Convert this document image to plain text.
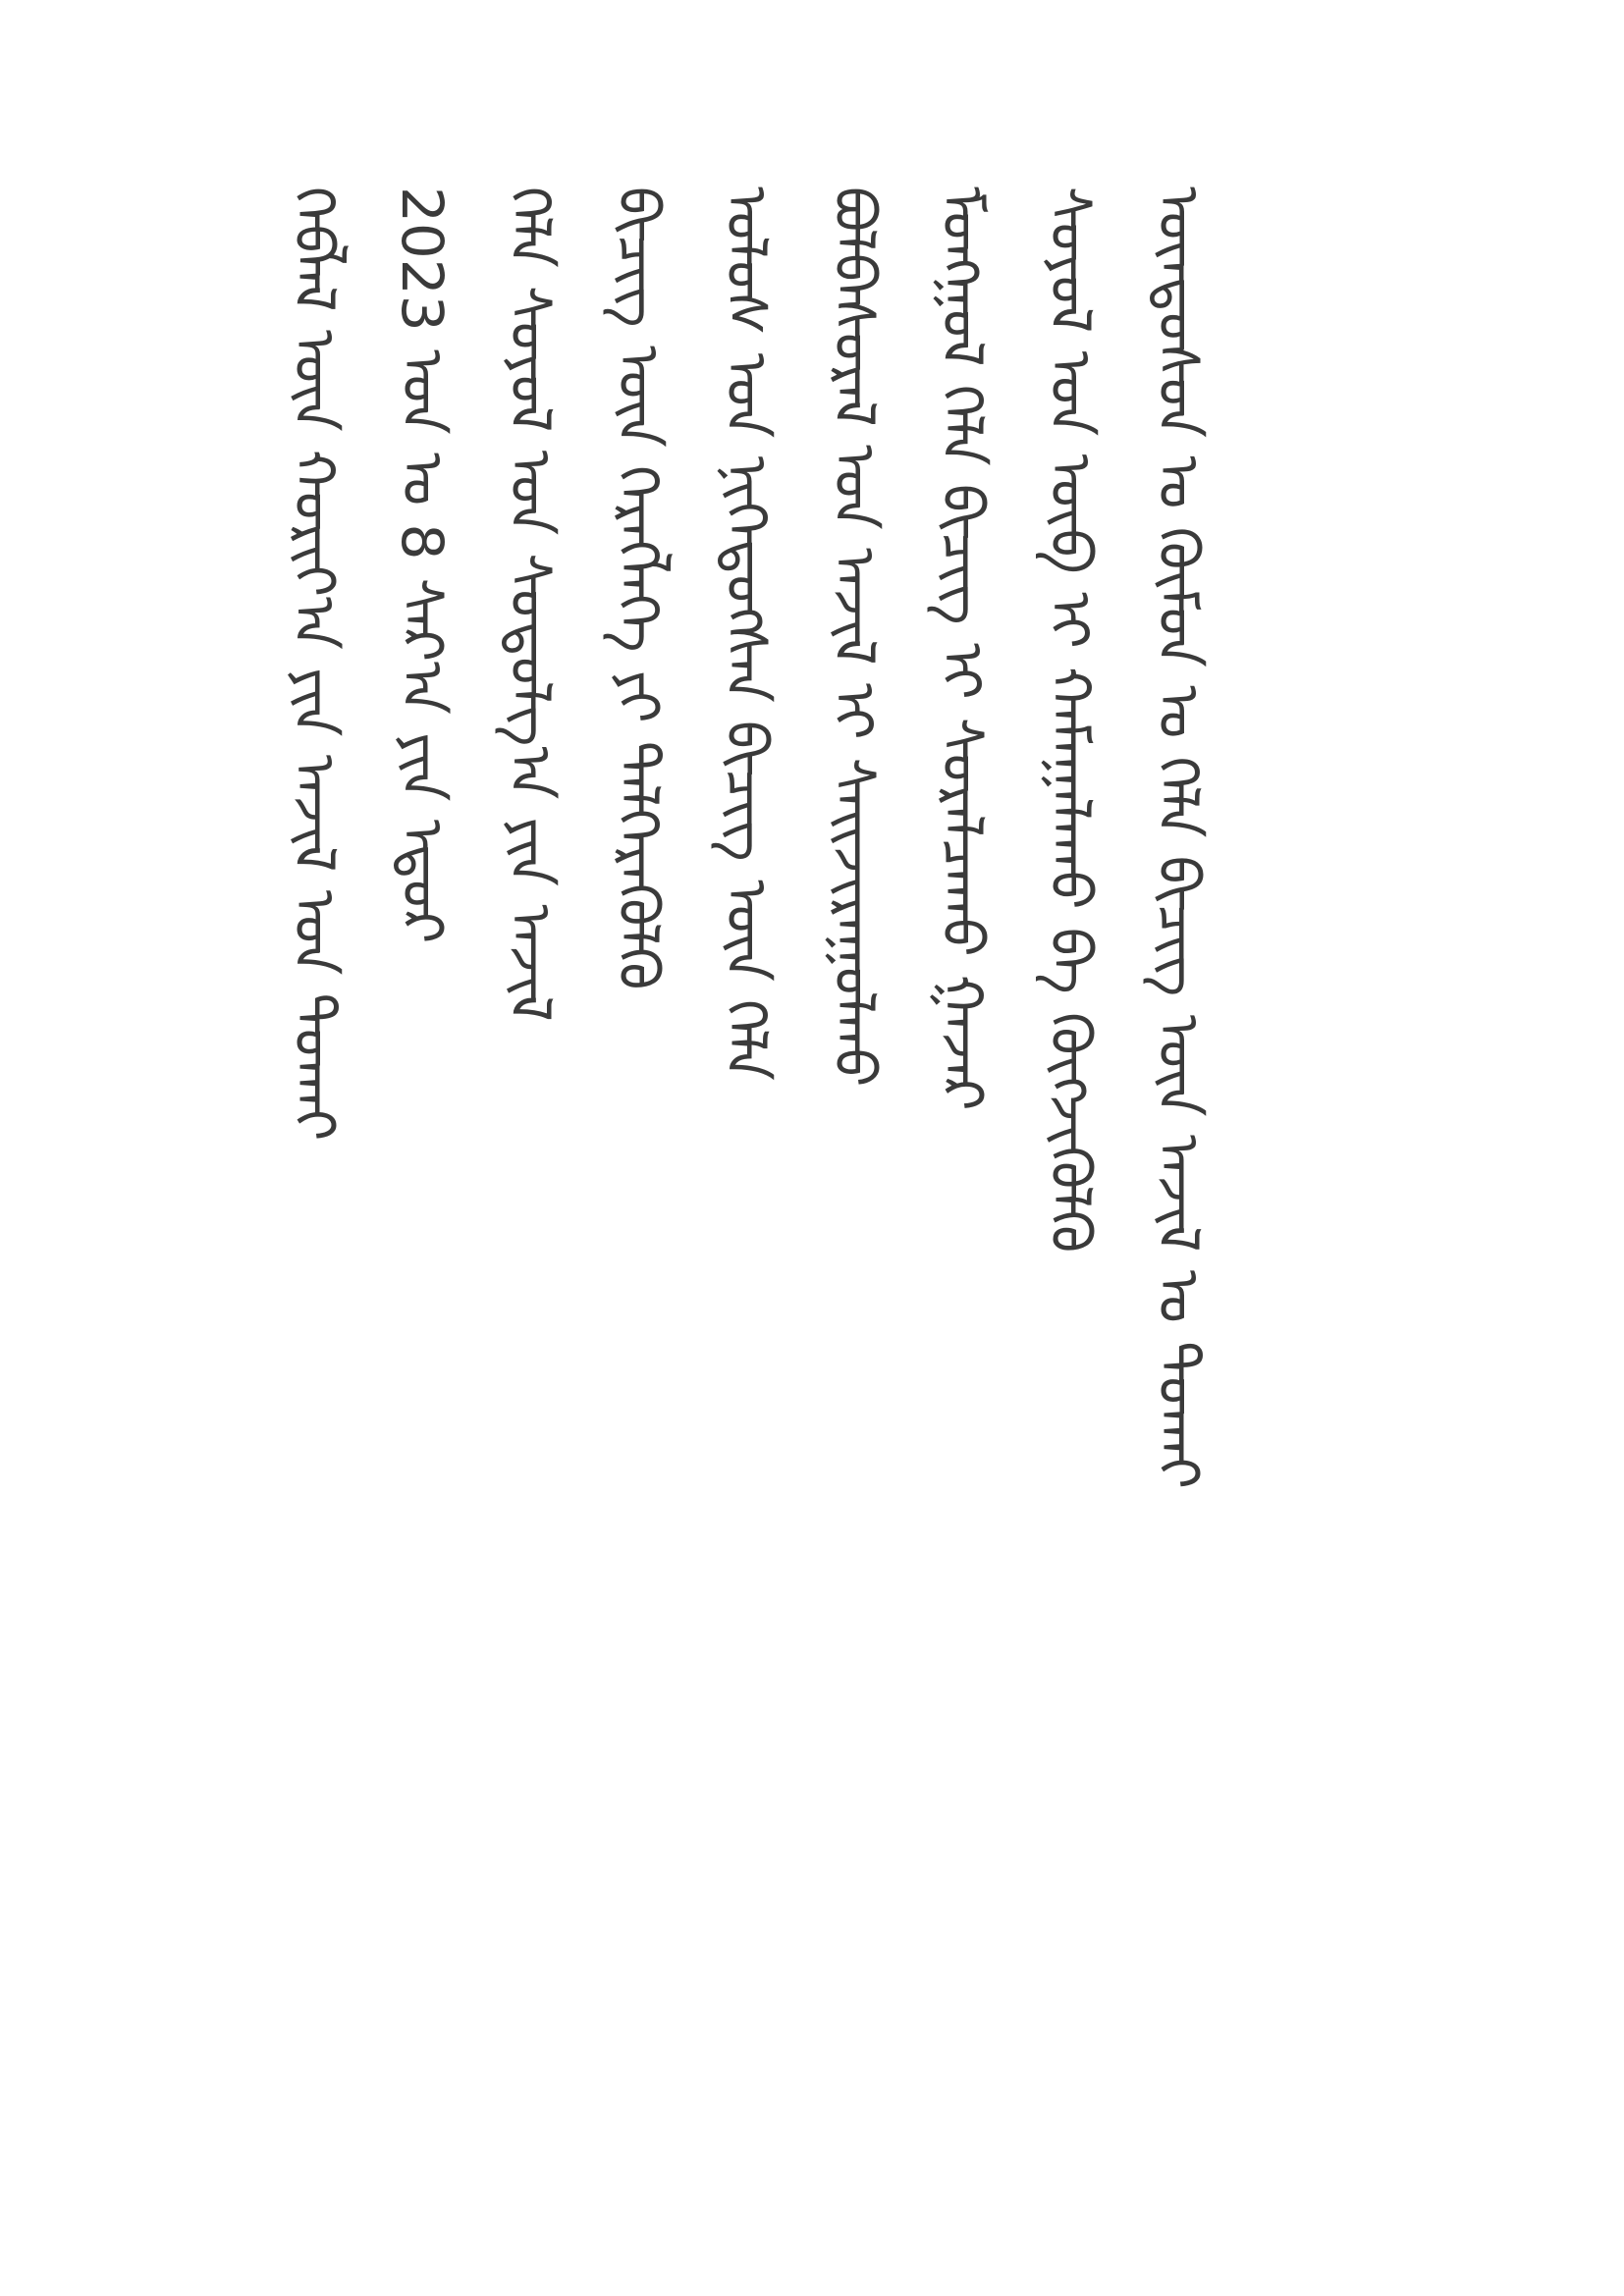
ᠦᠨᠳᠦᠰᠦᠨ ᠤ ᠬᠦᠮᠦᠨ ᠤ ᠬᠡᠯᠡ ᠪᠢᠴᠢᠭ ᠦᠨ ᠠᠵᠢᠯ ᠤ ᠲᠤᠬᠠᠢ
ᠰᠣᠶᠣᠯ ᠤᠨ ᠥᠪ ᠢ ᠬᠠᠮᠠᠭᠠᠯᠠᠬᠤ ᠪᠠ ᠬᠥᠭᠵᠢᠭᠦᠯᠬᠦ
ᠮᠣᠩᠭᠣᠯ ᠬᠡᠯᠡ ᠪᠢᠴᠢᠭ ᠢ ᠰᠤᠷᠠᠯᠴᠠᠬᠤ ᠭᠠᠵᠠᠷ
ᠪᠣᠯᠪᠠᠰᠤᠷᠠᠯ ᠤᠨ ᠠᠵᠢᠯ ᠢ ᠰᠠᠢᠵᠢᠷᠠᠭᠤᠯᠬᠤ
ᠤᠯᠤᠰ ᠤᠨ ᠨᠢᠭᠡᠳᠦᠭᠰᠡᠨ ᠪᠢᠴᠢᠭ ᠦᠨ ᠬᠡᠯᠡ
ᠪᠢᠴᠢᠭ ᠦᠨ ᠬᠡᠷᠡᠭᠯᠡᠭᠡ ᠶᠢ ᠳᠡᠯᠭᠡᠷᠡᠭᠦᠯᠬᠦ
ᠬᠡᠯᠡ ᠰᠣᠶᠣᠯ ᠤᠨ ᠰᠤᠳᠤᠯᠭ᠎ᠠ ᠶᠢᠨ ᠠᠵᠢᠯ
2023 ᠣᠨ ᠤ 8 ᠰᠠᠷ᠎ᠠ ᠶᠢᠨ ᠡᠳᠦᠷ
ᠬᠡᠪᠯᠡᠯ ᠦᠨ ᠬᠤᠷᠢᠶ᠎ᠠ ᠶᠢᠨ ᠠᠵᠢᠯ ᠤᠨ ᠲᠤᠬᠠᠢ
